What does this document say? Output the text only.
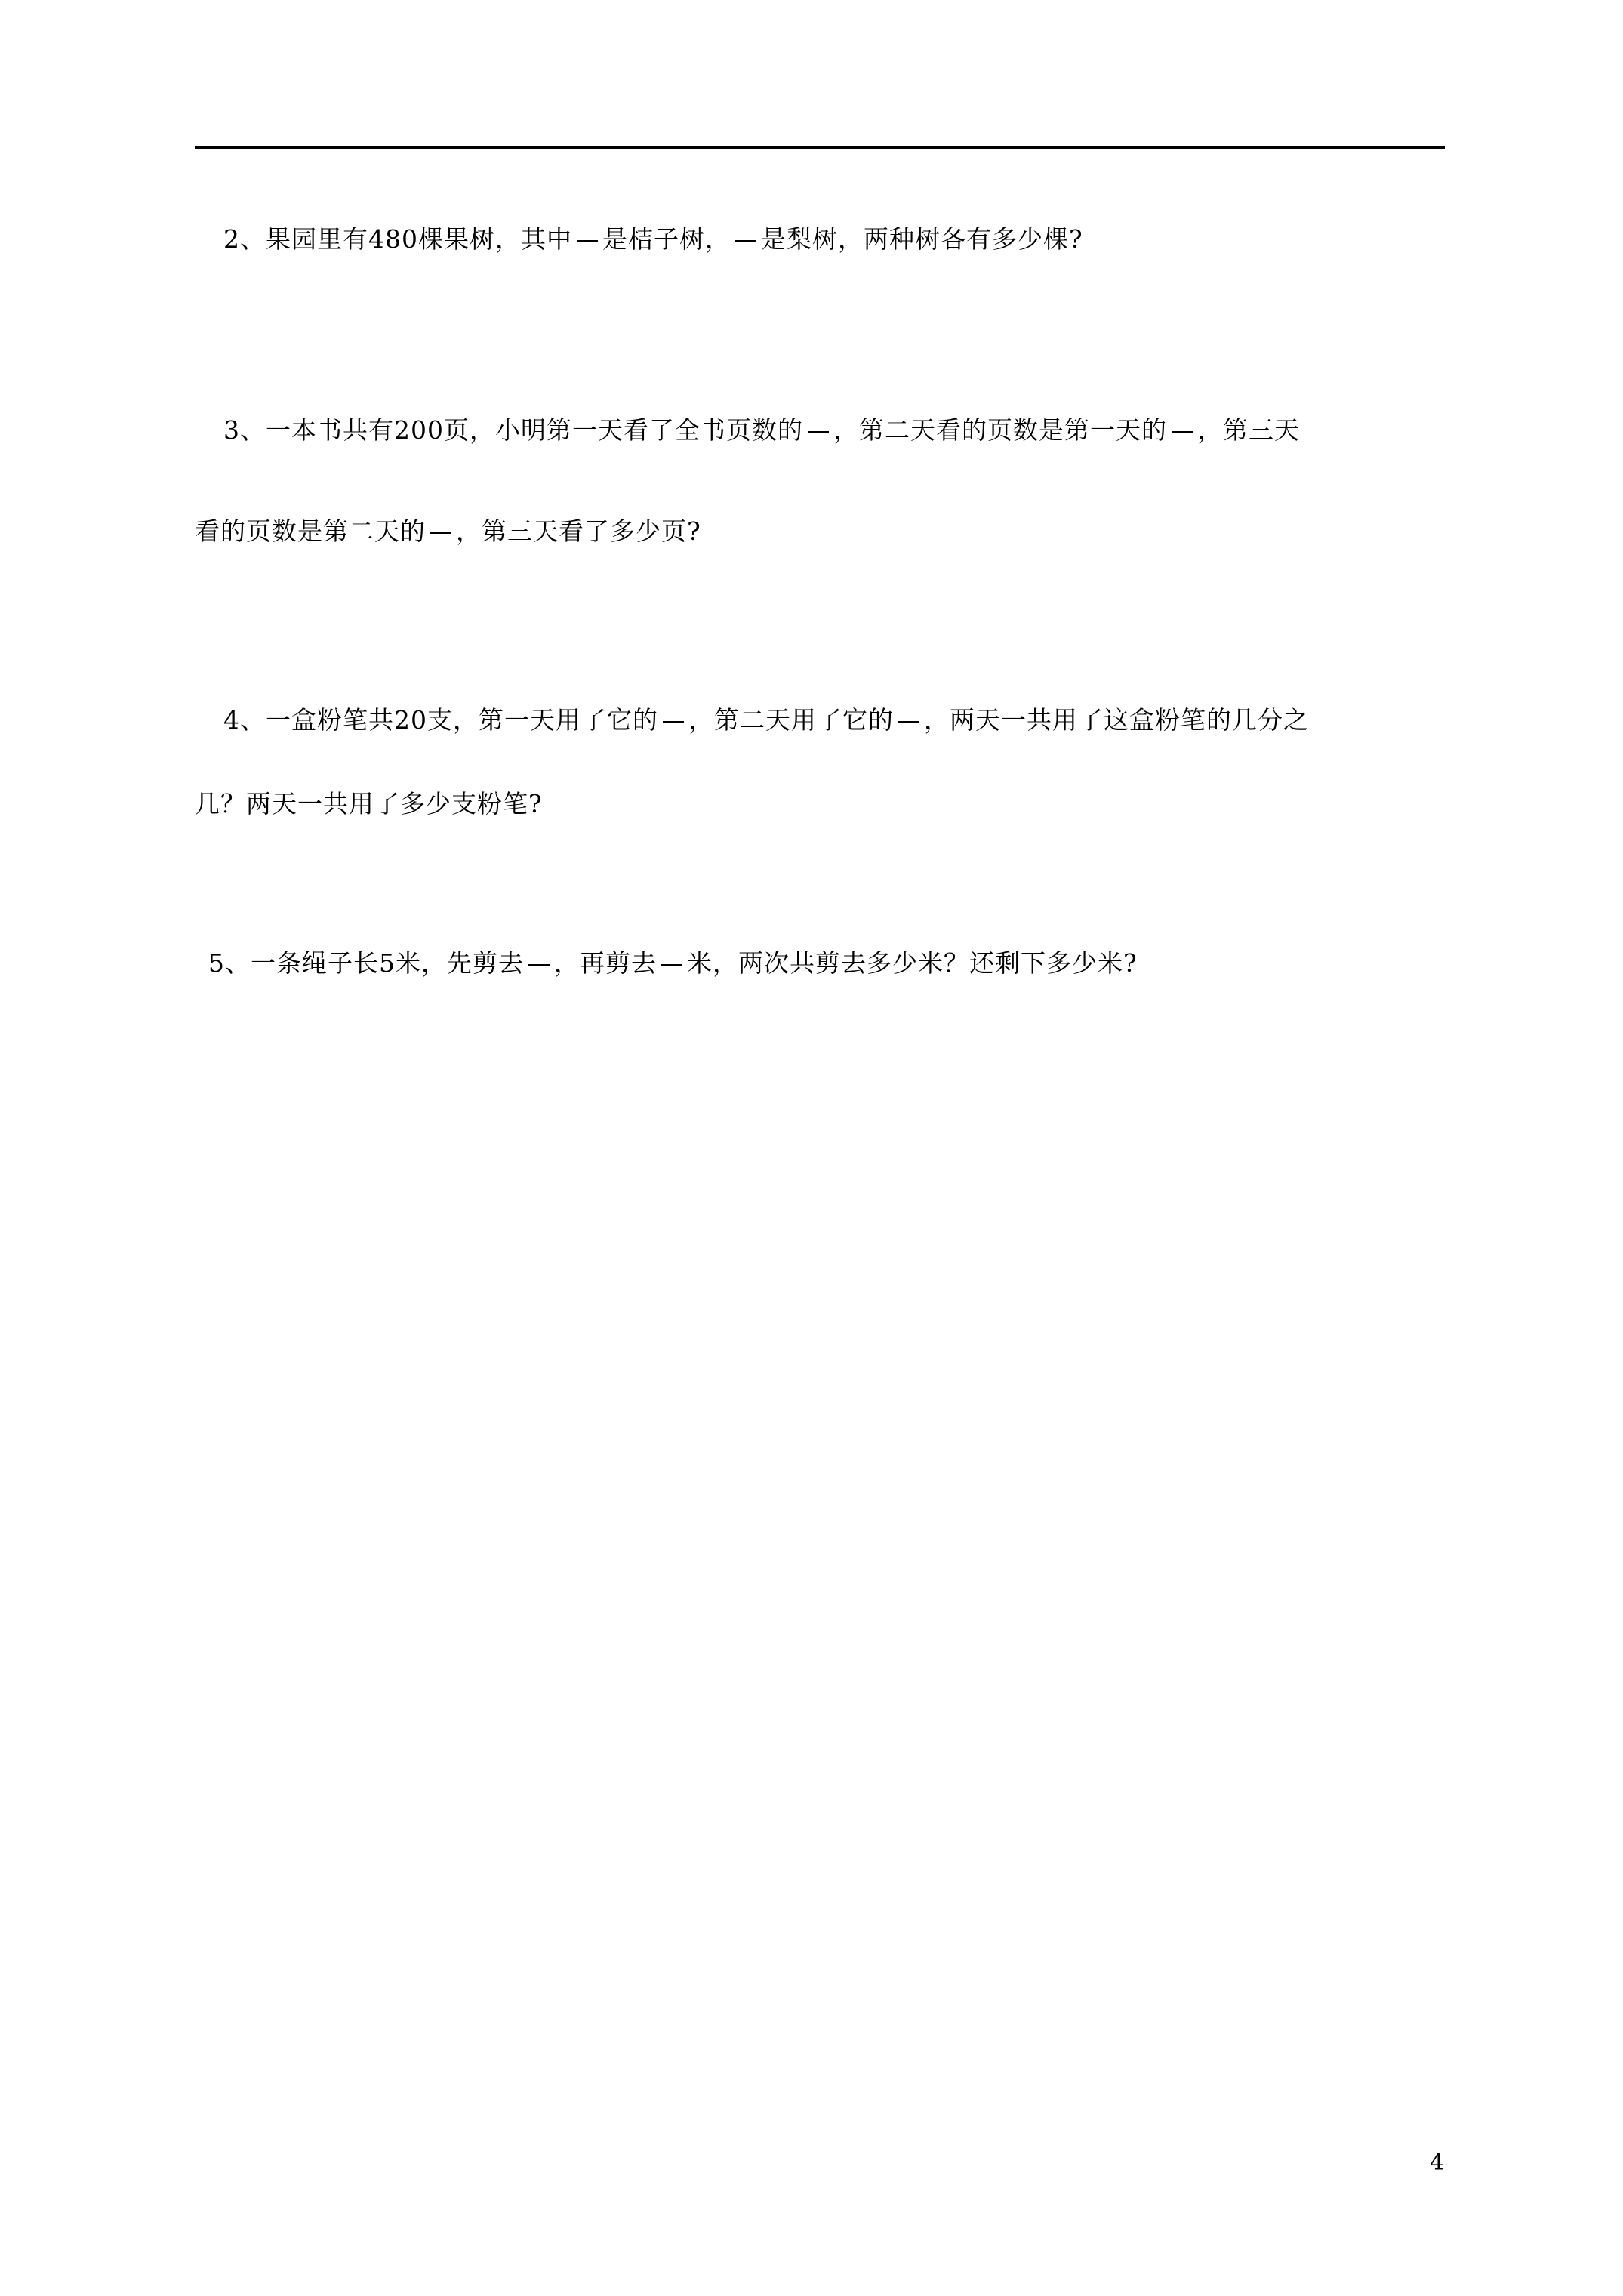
2、果园里有480棵果树，其中 是桔子树， 是梨树，两种树各有多少棵?
3、一本书共有200页，小明第一天看了全书页数的 ，第二天看的页数是第一天的 ，第三天
看的页数是第二天的 ，第三天看了多少页?
4、一盒粉笔共20支，第一天用了它的 ，第二天用了它的 ，两天一共用了这盒粉笔的几分之
几？两天一共用了多少支粉笔?
5、一条绳子长5米，先剪去 ，再剪去 米，两次共剪去多少米？还剩下多少米?
4
